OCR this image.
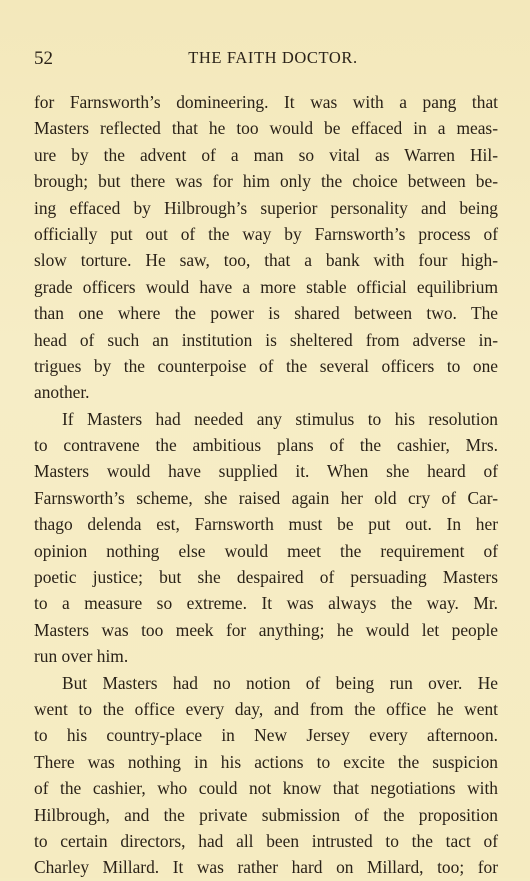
52	THE FAITH DOCTOR.
for Farnsworth’s domineering. It was with a pang that
Masters reflected that he too would be effaced in a meas-
ure by the advent of a man so vital as Warren Hil-
brough; but there was for him only the choice between be-
ing effaced by Hilbrough’s superior personality and being
officially put out of the way by Farnsworth’s process of
slow torture. He saw, too, that a bank with four high-
grade officers would have a more stable official equilibrium
than one where the power is shared between two. The
head of such an institution is sheltered from adverse in-
trigues by the counterpoise of the several officers to one
another.
If Masters had needed any stimulus to his resolution
to contravene the ambitious plans of the cashier, Mrs.
Masters would have supplied it. When she heard of
Farnsworth’s scheme, she raised again her old cry of Car-
thago delenda est, Farnsworth must be put out. In her
opinion nothing else would meet the requirement of
poetic justice; but she despaired of persuading Masters
to a measure so extreme. It was always the way. Mr.
Masters was too meek for anything; he would let people
run over him.
But Masters had no notion of being run over. He
went to the office every day, and from the office he went
to his country-place in New Jersey every afternoon.
There was nothing in his actions to excite the suspicion
of the cashier, who could not know that negotiations with
Hilbrough, and the private submission of the proposition
to certain directors, had all been intrusted to the tact of
Charley Millard. It was rather hard on Millard, too; for
